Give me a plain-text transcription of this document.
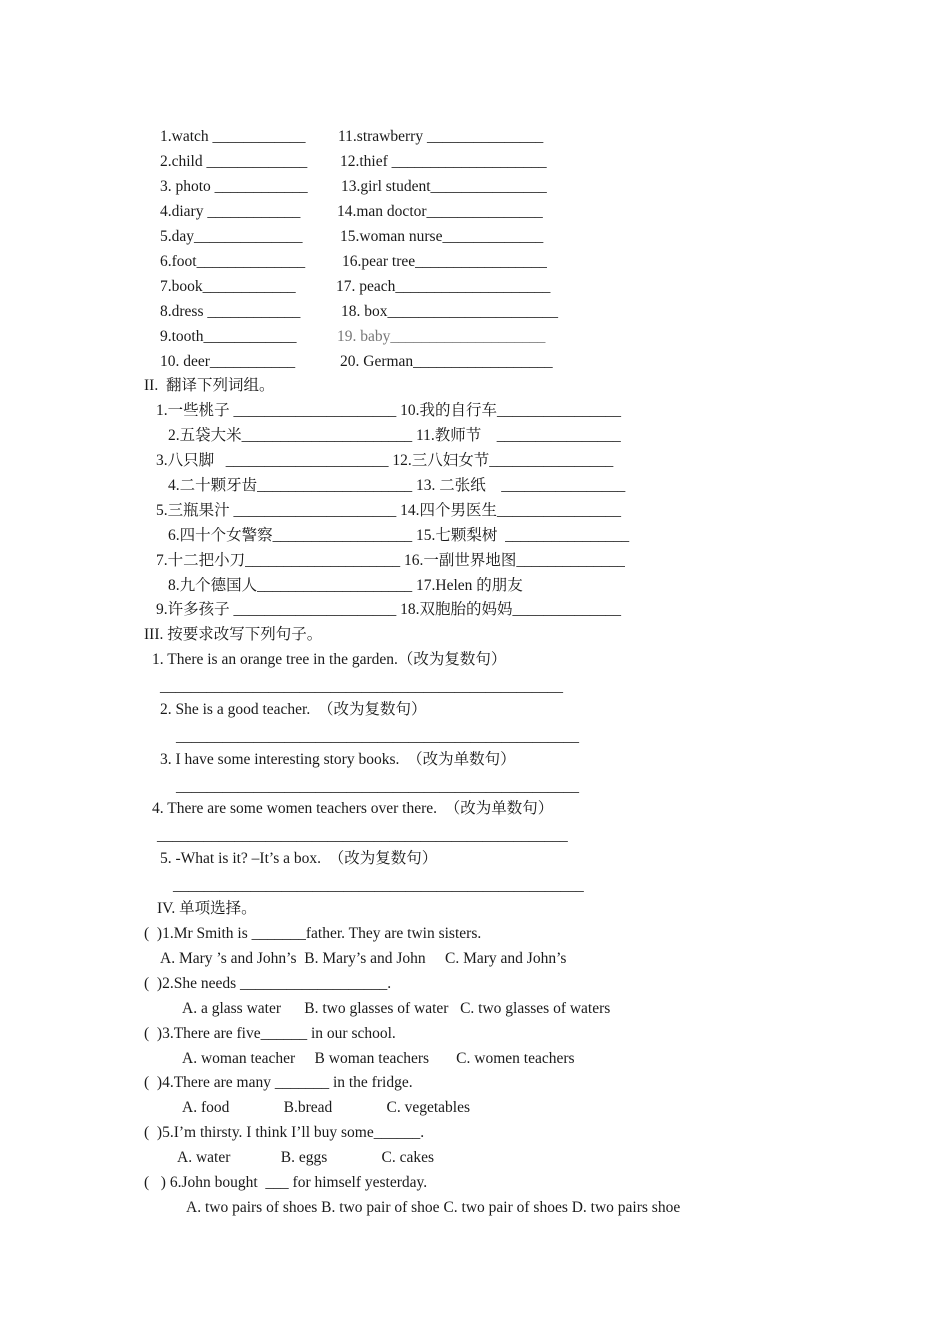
1.watch ____________
2.child _____________
3. photo ____________
4.diary ____________
5.day______________
6.foot______________
7.book____________
8.dress ____________
9.tooth____________
10. deer___________
11.strawberry _______________
12.thief ____________________
13.girl student_______________
14.man doctor_______________
15.woman nurse_____________
16.pear tree_________________
17. peach____________________
18. box______________________
19. baby____________________
20. German__________________
II.  翻译下列词组。
1.一些桃子 _____________________ 10.我的自行车________________
2.五袋大米______________________ 11.教师节    ________________
3.八只脚   _____________________ 12.三八妇女节________________
4.二十颗牙齿____________________ 13. 二张纸    ________________
5.三瓶果汁 _____________________ 14.四个男医生________________
6.四十个女警察__________________ 15.七颗梨树  ________________
7.十二把小刀____________________ 16.一副世界地图______________
8.九个德国人____________________ 17.Helen 的朋友
9.许多孩子 _____________________ 18.双胞胎的妈妈______________
III. 按要求改写下列句子。
1. There is an orange tree in the garden.（改为复数句）
____________________________________________________
2. She is a good teacher.  （改为复数句）
____________________________________________________
3. I have some interesting story books.  （改为单数句）
____________________________________________________
4. There are some women teachers over there.  （改为单数句）
_____________________________________________________
5. -What is it? –It’s a box.  （改为复数句）
_____________________________________________________
IV. 单项选择。
(  )1.Mr Smith is _______father. They are twin sisters.
A. Mary ’s and John’s  B. Mary’s and John     C. Mary and John’s
(  )2.She needs ___________________.
A. a glass water      B. two glasses of water   C. two glasses of waters
(  )3.There are five______ in our school.
A. woman teacher     B woman teachers       C. women teachers
(  )4.There are many _______ in the fridge.
A. food              B.bread              C. vegetables
(  )5.I’m thirsty. I think I’ll buy some______.
A. water             B. eggs              C. cakes
(   ) 6.John bought  ___ for himself yesterday.
A. two pairs of shoes B. two pair of shoe C. two pair of shoes D. two pairs shoe
